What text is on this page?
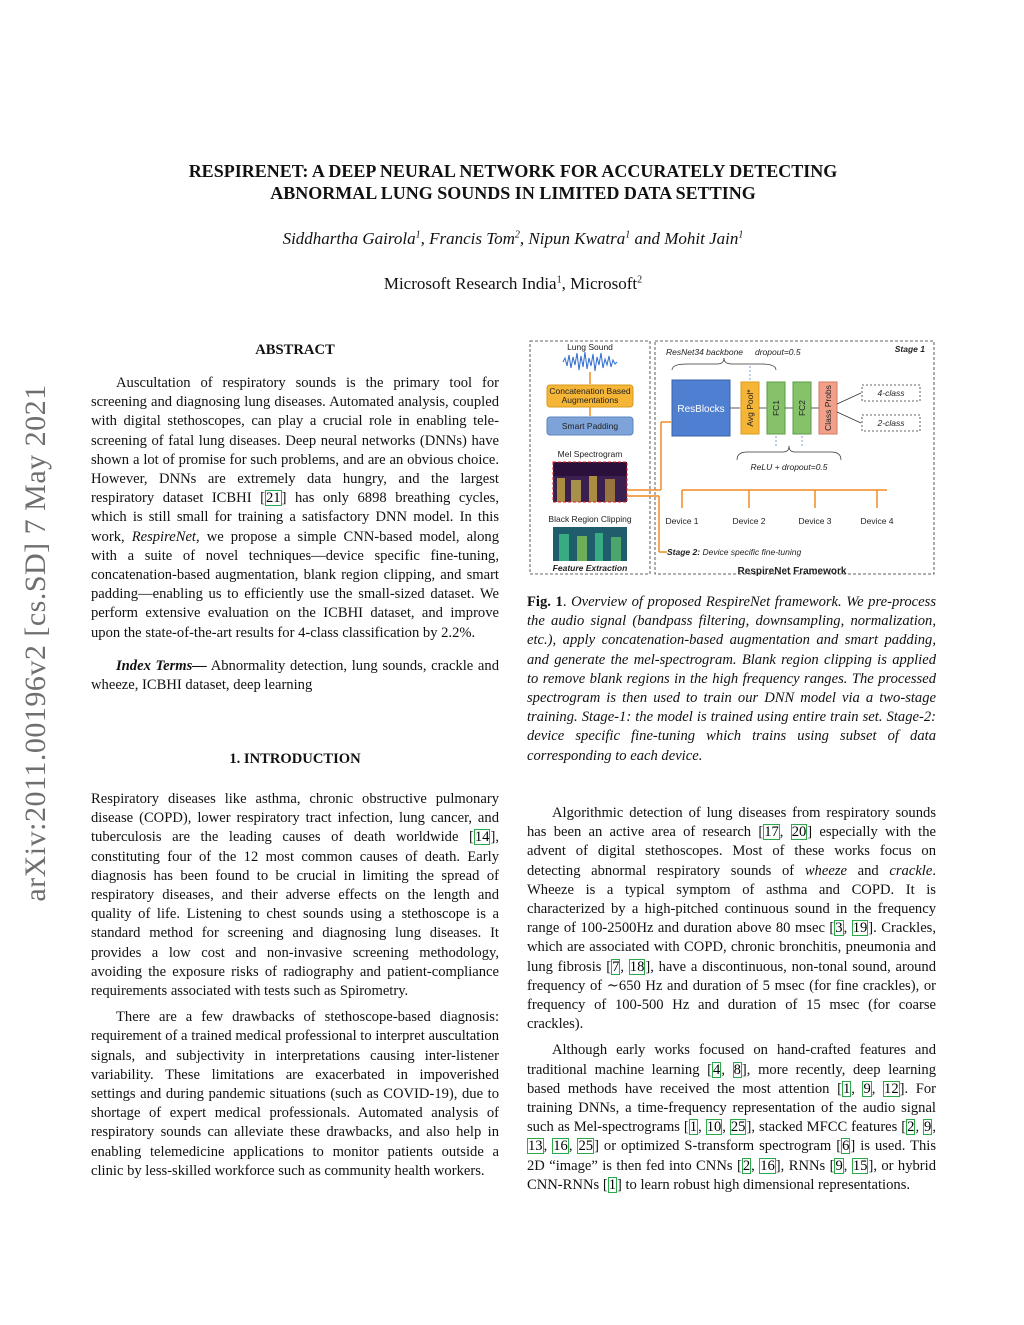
arXiv:2011.00196v2 [cs.SD] 7 May 2021
RESPIRENET: A DEEP NEURAL NETWORK FOR ACCURATELY DETECTING
ABNORMAL LUNG SOUNDS IN LIMITED DATA SETTING
Siddhartha Gairola$^1$, Francis Tom$^2$, Nipun Kwatra$^1$ and Mohit Jain$^1$
Microsoft Research India$^1$, Microsoft$^2$
ABSTRACT

Auscultation of respiratory sounds is the primary tool for screening and diagnosing lung diseases. Automated analysis, coupled with digital stethoscopes, can play a crucial role in enabling tele-screening of fatal lung diseases. Deep neural networks (DNNs) have shown a lot of promise for such problems, and are an obvious choice. However, DNNs are extremely data hungry, and the largest respiratory dataset ICBHI [21] has only 6898 breathing cycles, which is still small for training a satisfactory DNN model. In this work, RespireNet, we propose a simple CNN-based model, along with a suite of novel techniques—device specific fine-tuning, concatenation-based augmentation, blank region clipping, and smart padding—enabling us to efficiently use the small-sized dataset. We perform extensive evaluation on the ICBHI dataset, and improve upon the state-of-the-art results for 4-class classification by 2.2%.

Index Terms— Abnormality detection, lung sounds, crackle and wheeze, ICBHI dataset, deep learning

1. INTRODUCTION

Respiratory diseases like asthma, chronic obstructive pulmonary disease (COPD), lower respiratory tract infection, lung cancer, and tuberculosis are the leading causes of death worldwide [14], constituting four of the 12 most common causes of death. Early diagnosis has been found to be crucial in limiting the spread of respiratory diseases, and their adverse effects on the length and quality of life. Listening to chest sounds using a stethoscope is a standard method for screening and diagnosing lung diseases. It provides a low cost and non-invasive screening methodology, avoiding the exposure risks of radiography and patient-compliance requirements associated with tests such as Spirometry.

There are a few drawbacks of stethoscope-based diagnosis: requirement of a trained medical professional to interpret auscultation signals, and subjectivity in interpretations causing inter-listener variability. These limitations are exacerbated in impoverished settings and during pandemic situations (such as COVID-19), due to shortage of expert medical professionals. Automated analysis of respiratory sounds can alleviate these drawbacks, and also help in enabling telemedicine applications to monitor patients outside a clinic by less-skilled workforce such as community health workers.

Lung Sound
Concatenation Based
Augmentations
Smart Padding
Mel Spectrogram
Black Region Clipping
Feature Extraction
ResNet34 backbone dropout=0.5	Stage 1
ResBlocks Avg Pool* FC1 FC2 Class Probs	4-class
2-class
ReLU + dropout=0.5
Device 1	Device 2	Device 3	Device 4
Stage 2: Device specific fine-tuning
RespireNet Framework
Fig. 1. Overview of proposed RespireNet framework. We pre-process the audio signal (bandpass filtering, downsampling, normalization, etc.), apply concatenation-based augmentation and smart padding, and generate the mel-spectrogram. Blank region clipping is applied to remove blank regions in the high frequency ranges. The processed spectrogram is then used to train our DNN model via a two-stage training. Stage-1: the model is trained using entire train set. Stage-2: device specific fine-tuning which trains using subset of data corresponding to each device.

Algorithmic detection of lung diseases from respiratory sounds has been an active area of research [17, 20] especially with the advent of digital stethoscopes. Most of these works focus on detecting abnormal respiratory sounds of wheeze and crackle. Wheeze is a typical symptom of asthma and COPD. It is characterized by a high-pitched continuous sound in the frequency range of 100-2500Hz and duration above 80 msec [3, 19]. Crackles, which are associated with COPD, chronic bronchitis, pneumonia and lung fibrosis [7, 18], have a discontinuous, non-tonal sound, around frequency of ∼650 Hz and duration of 5 msec (for fine crackles), or frequency of 100-500 Hz and duration of 15 msec (for coarse crackles).

Although early works focused on hand-crafted features and traditional machine learning [4, 8], more recently, deep learning based methods have received the most attention [1, 9, 12]. For training DNNs, a time-frequency representation of the audio signal such as Mel-spectrograms [1, 10, 25], stacked MFCC features [2, 9, 13, 16, 25] or optimized S-transform spectrogram [6] is used. This 2D “image” is then fed into CNNs [2, 16], RNNs [9, 15], or hybrid CNN-RNNs [1] to learn robust high dimensional representations.
